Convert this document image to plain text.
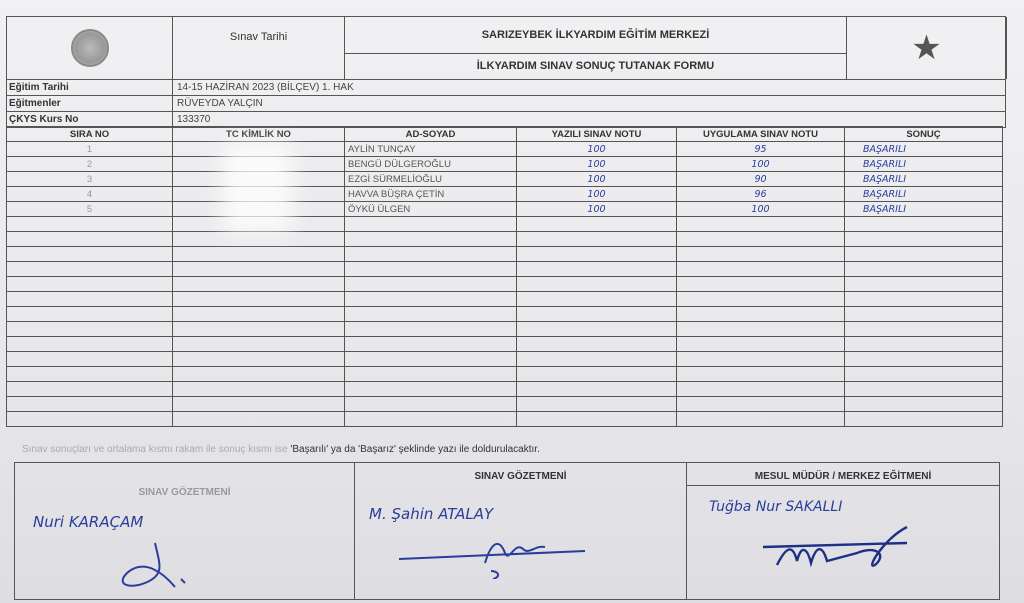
Sınav Tarihi	SARIZEYBEK İLKYARDIM EĞİTİM MERKEZİ
İLKYARDIM SINAV SONUÇ TUTANAK FORMU	★
Eğitim Tarihi	14-15 HAZİRAN 2023 (BİLÇEV) 1. HAK
Eğitmenler	RÜVEYDA YALÇIN
ÇKYS Kurs No	133370
SIRA NO	TC KİMLİK NO	AD-SOYAD	YAZILI SINAV NOTU	UYGULAMA SINAV NOTU	SONUÇ
1		AYLİN TUNÇAY	100	95	BAŞARILI
2		BENGÜ DÜLGEROĞLU	100	100	BAŞARILI
3		EZGİ SÜRMELİOĞLU	100	90	BAŞARILI
4		HAVVA BÜŞRA ÇETİN	100	96	BAŞARILI
5		ÖYKÜ ÜLGEN	100	100	BAŞARILI

Sınav sonuçları ve ortalama kısmı rakam ile sonuç kısmı ise 'Başarılı' ya da 'Başarız' şeklinde yazı ile doldurulacaktır.
SINAV GÖZETMENİ
Nuri KARAÇAM
SINAV GÖZETMENİ
M. Şahin ATALAY
MESUL MÜDÜR / MERKEZ EĞİTMENİ
Tuğba Nur SAKALLI
